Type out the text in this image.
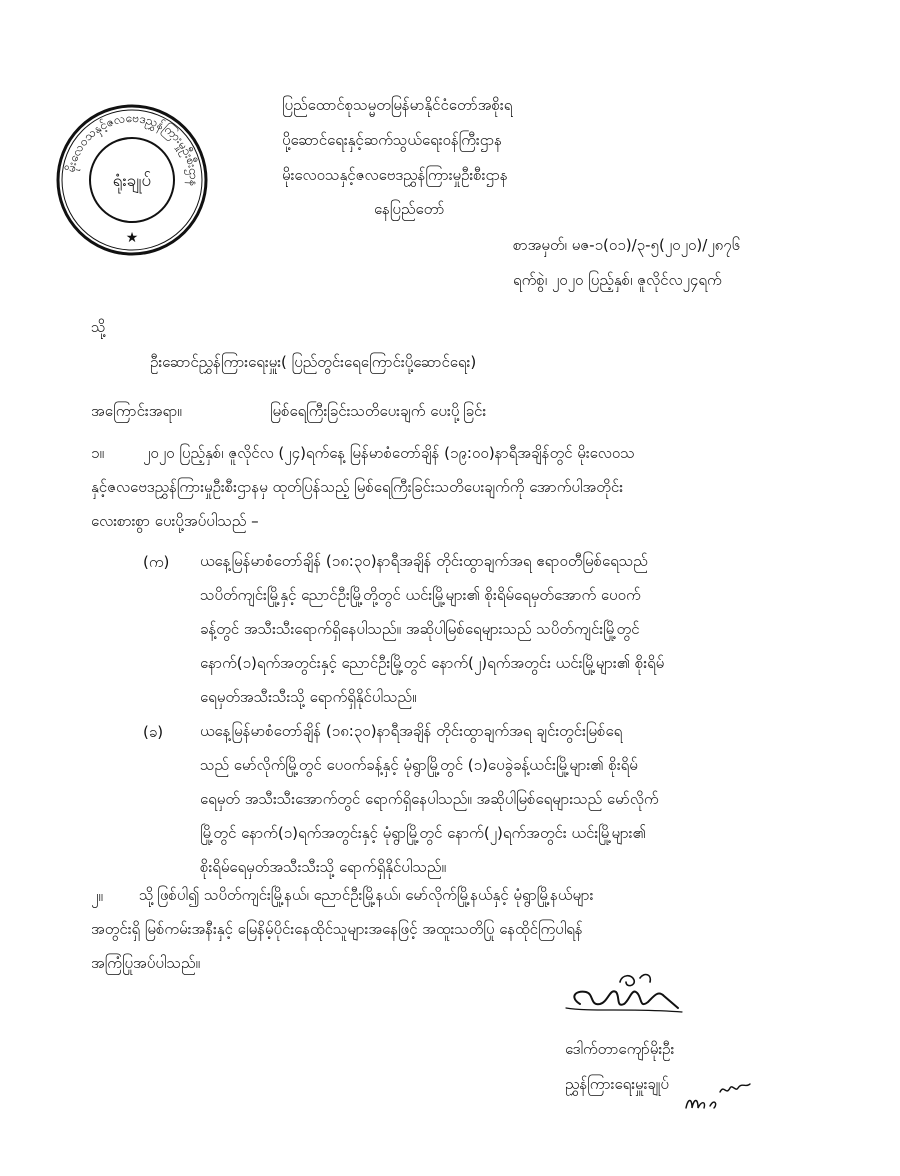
မိုးလေဝသနှင့်ဇလဗေဒညွှန်ကြားမှုဦးစီးဌာန
ရုံးချုပ်
★
ပြည်ထောင်စုသမ္မတမြန်မာနိုင်ငံတော်အစိုးရ
ပို့ဆောင်ရေးနှင့်ဆက်သွယ်ရေးဝန်ကြီးဌာန
မိုးလေဝသနှင့်ဇလဗေဒညွှန်ကြားမှုဦးစီးဌာန
နေပြည်တော်
စာအမှတ်၊ မဇ-၁(၀၁)/၃-၅(၂၀၂၀)/၂၈၇၆
ရက်စွဲ၊ ၂၀၂၀ ပြည့်နှစ်၊ ဇူလိုင်လ၂၄ရက်
သို့
ဦးဆောင်ညွှန်ကြားရေးမှူး( ပြည်တွင်းရေကြောင်းပို့ဆောင်ရေး)
အကြောင်းအရာ။	မြစ်ရေကြီးခြင်းသတိပေးချက် ပေးပို့ခြင်း
၁။	၂၀၂၀ ပြည့်နှစ်၊ ဇူလိုင်လ (၂၄)ရက်နေ့ မြန်မာစံတော်ချိန် (၁၉:၀၀)နာရီအချိန်တွင် မိုးလေဝသ
နှင့်ဇလဗေဒညွှန်ကြားမှုဦးစီးဌာနမှ ထုတ်ပြန်သည့် မြစ်ရေကြီးခြင်းသတိပေးချက်ကို အောက်ပါအတိုင်း
လေးစားစွာ ပေးပို့အပ်ပါသည် –
(က) ယနေ့မြန်မာစံတော်ချိန် (၁၈:၃၀)နာရီအချိန် တိုင်းထွာချက်အရ ဧရာဝတီမြစ်ရေသည်
သပိတ်ကျင်းမြို့နှင့် ညောင်ဦးမြို့တို့တွင် ယင်းမြို့များ၏ စိုးရိမ်ရေမှတ်အောက် ပေ၀က်
ခန့်တွင် အသီးသီးရောက်ရှိနေပါသည်။ အဆိုပါမြစ်ရေများသည် သပိတ်ကျင်းမြို့တွင်
နောက်(၁)ရက်အတွင်းနှင့် ညောင်ဦးမြို့တွင် နောက်(၂)ရက်အတွင်း ယင်းမြို့များ၏ စိုးရိမ်
ရေမှတ်အသီးသီးသို့ ရောက်ရှိနိုင်ပါသည်။
(ခ) ယနေ့မြန်မာစံတော်ချိန် (၁၈:၃၀)နာရီအချိန် တိုင်းထွာချက်အရ ချင်းတွင်းမြစ်ရေ
သည် မော်လိုက်မြို့တွင် ပေ၀က်ခန့်နှင့် မုံရွာမြို့တွင် (၁)ပေခွဲခန့်ယင်းမြို့များ၏ စိုးရိမ်
ရေမှတ် အသီးသီးအောက်တွင် ရောက်ရှိနေပါသည်။ အဆိုပါမြစ်ရေများသည် မော်လိုက်
မြို့တွင် နောက်(၁)ရက်အတွင်းနှင့် မုံရွာမြို့တွင် နောက်(၂)ရက်အတွင်း ယင်းမြို့များ၏
စိုးရိမ်ရေမှတ်အသီးသီးသို့ ရောက်ရှိနိုင်ပါသည်။
၂။	သို့ဖြစ်ပါ၍ သပိတ်ကျင်းမြို့နယ်၊ ညောင်ဦးမြို့နယ်၊ မော်လိုက်မြို့နယ်နှင့် မုံရွာမြို့နယ်များ
အတွင်းရှိ မြစ်ကမ်းအနီးနှင့် မြေနိမ့်ပိုင်းနေထိုင်သူများအနေဖြင့် အထူးသတိပြု နေထိုင်ကြပါရန်
အကြံပြုအပ်ပါသည်။
ဒေါက်တာကျော်မိုးဦး
ညွှန်ကြားရေးမှူးချုပ်
